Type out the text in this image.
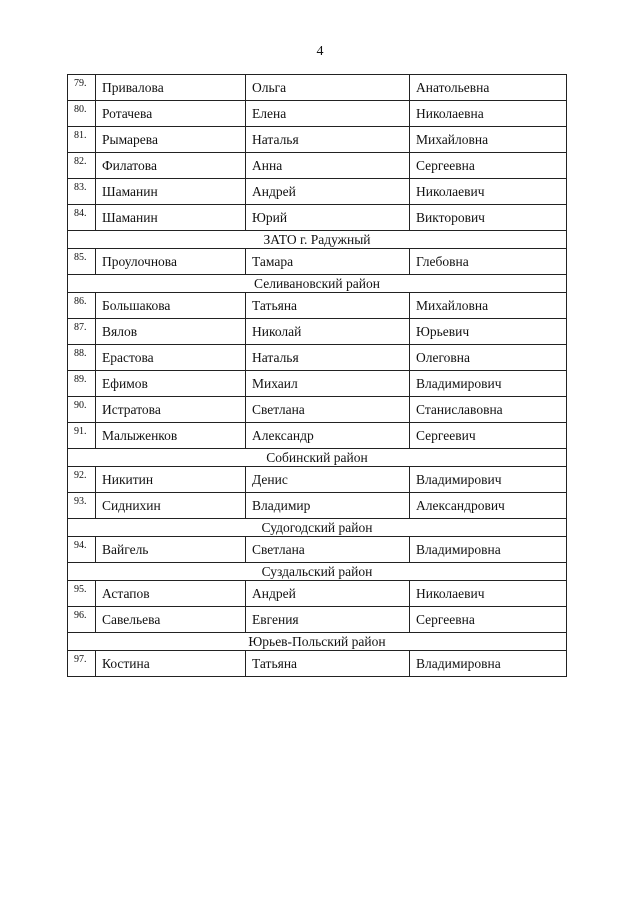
4
79.	Привалова	Ольга	Анатольевна
80.	Ротачева	Елена	Николаевна
81.	Рымарева	Наталья	Михайловна
82.	Филатова	Анна	Сергеевна
83.	Шаманин	Андрей	Николаевич
84.	Шаманин	Юрий	Викторович
ЗАТО г. Радужный			
85.	Проулочнова	Тамара	Глебовна
Селивановский район			
86.	Большакова	Татьяна	Михайловна
87.	Вялов	Николай	Юрьевич
88.	Ерастова	Наталья	Олеговна
89.	Ефимов	Михаил	Владимирович
90.	Истратова	Светлана	Станиславовна
91.	Малыженков	Александр	Сергеевич
Собинский район			
92.	Никитин	Денис	Владимирович
93.	Сиднихин	Владимир	Александрович
Судогодский район			
94.	Вайгель	Светлана	Владимировна
Суздальский район			
95.	Астапов	Андрей	Николаевич
96.	Савельева	Евгения	Сергеевна
Юрьев-Польский район			
97.	Костина	Татьяна	Владимировна
